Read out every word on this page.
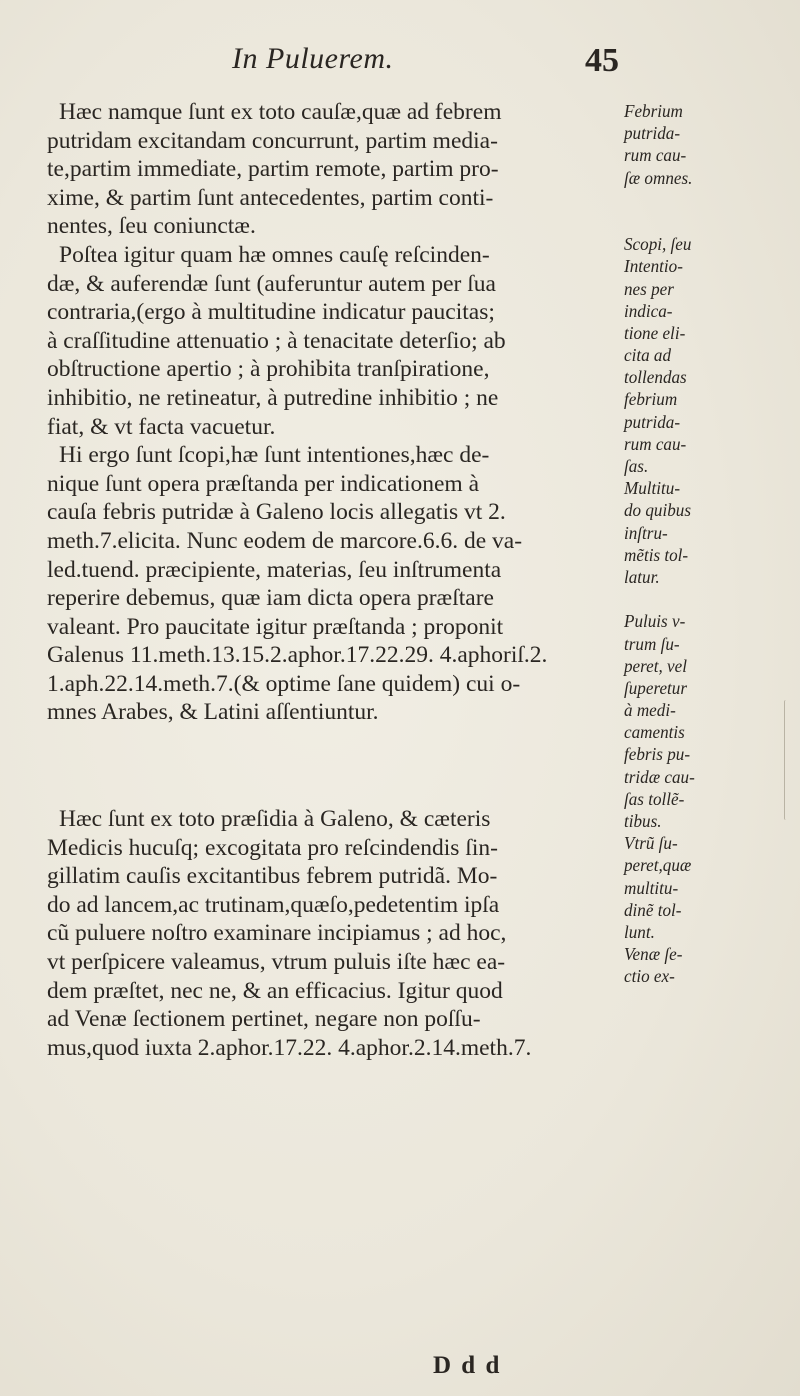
In Puluerem.	45
Hæc namque ſunt ex toto cauſæ,quæ ad febrem
putridam excitandam concurrunt, partim media-
te,partim immediate, partim remote, partim pro-
xime, & partim ſunt antecedentes, partim conti-
nentes, ſeu coniunctæ.
Poſtea igitur quam hæ omnes cauſę reſcinden-
dæ, & auferendæ ſunt (auferuntur autem per ſua
contraria,(ergo à multitudine indicatur paucitas;
à craſſitudine attenuatio ; à tenacitate deterſio; ab
obſtructione apertio ; à prohibita tranſpiratione,
inhibitio, ne retineatur, à putredine inhibitio ; ne
fiat, & vt facta vacuetur.
Hi ergo ſunt ſcopi,hæ ſunt intentiones,hæc de-
nique ſunt opera præſtanda per indicationem à
cauſa febris putridæ à Galeno locis allegatis vt 2.
meth.7.elicita. Nunc eodem de marcore.6.6. de va-
led.tuend. præcipiente, materias, ſeu inſtrumenta
reperire debemus, quæ iam dicta opera præſtare
valeant. Pro paucitate igitur præſtanda ; proponit
Galenus 11.meth.13.15.2.aphor.17.22.29. 4.aphoriſ.2.
1.aph.22.14.meth.7.(& optime ſane quidem) cui o-
mnes Arabes, & Latini aſſentiuntur.
Hæc ſunt ex toto præſidia à Galeno, & cæteris
Medicis hucuſq; excogitata pro reſcindendis ſin-
gillatim cauſis excitantibus febrem putridã. Mo-
do ad lancem,ac trutinam,quæſo,pedetentim ipſa
cũ puluere noſtro examinare incipiamus ; ad hoc,
vt perſpicere valeamus, vtrum puluis iſte hæc ea-
dem præſtet, nec ne, & an efficacius. Igitur quod
ad Venæ ſectionem pertinet, negare non poſſu-
mus,quod iuxta 2.aphor.17.22. 4.aphor.2.14.meth.7.
Febrium
putrida-
rum cau-
ſæ omnes.
Scopi, ſeu
Intentio-
nes per
indica-
tione eli-
cita ad
tollendas
febrium
putrida-
rum cau-
ſas.
Multitu-
do quibus
inſtru-
mẽtis tol-
latur.
Puluis v-
trum ſu-
peret, vel
ſuperetur
à medi-
camentis
febris pu-
tridæ cau-
ſas tollẽ-
tibus.
Vtrũ ſu-
peret,quæ
multitu-
dinẽ tol-
lunt.
Venæ ſe-
ctio ex-
D d d
